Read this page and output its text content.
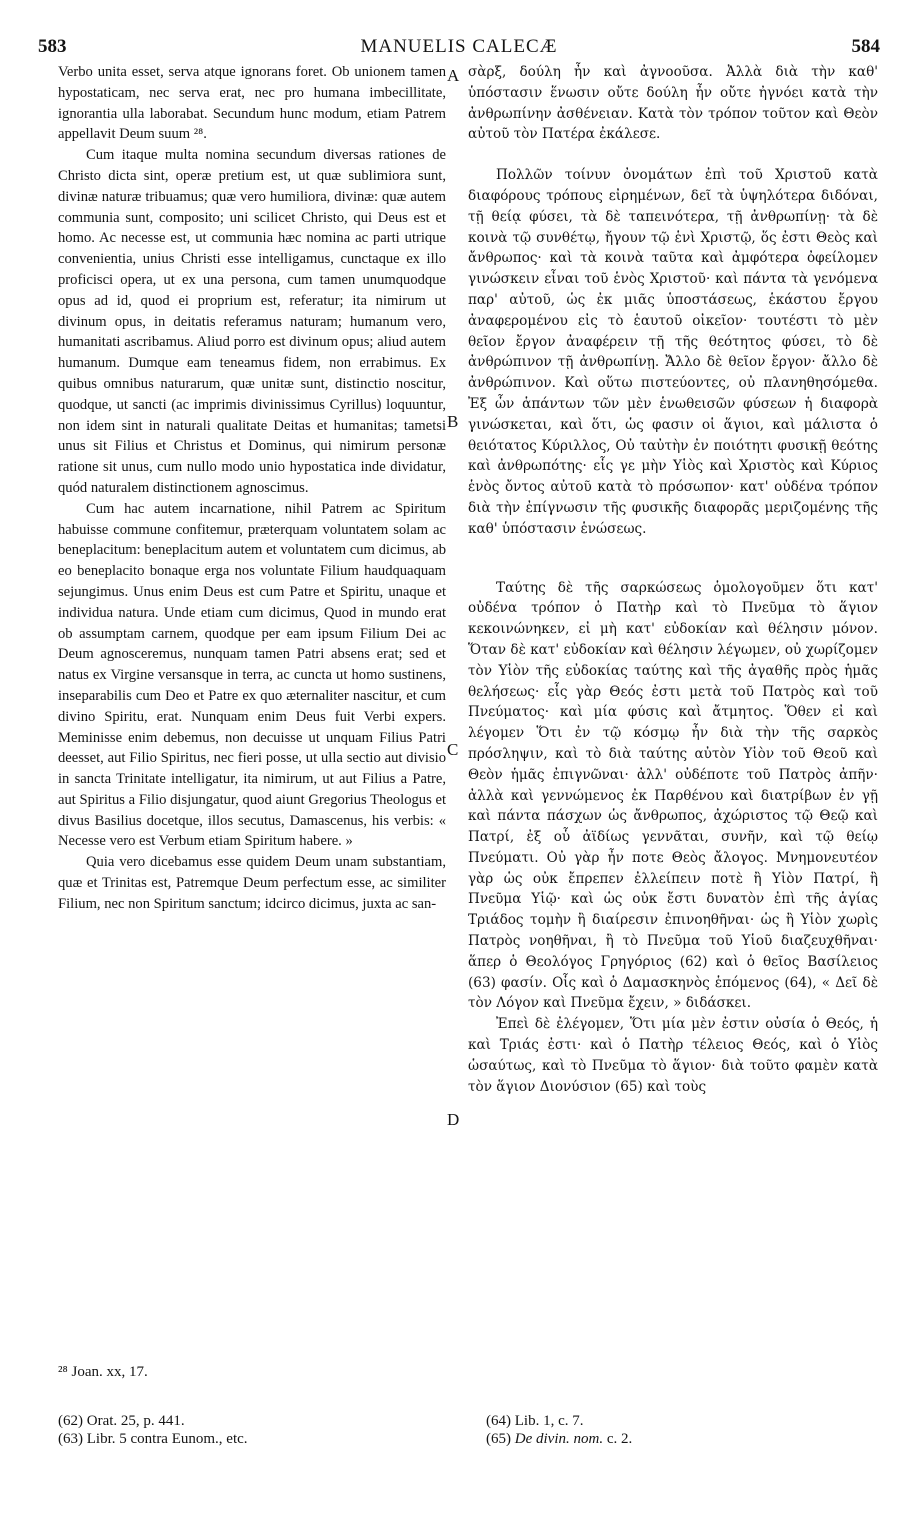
583	MANUELIS CALECÆ	584

Verbo unita esset, serva atque ignorans foret. Ob unionem tamen hypostaticam, nec serva erat, nec pro humana imbecillitate, ignorantia ulla laborabat. Secundum hunc modum, etiam Patrem appellavit Deum suum ²⁸.

Cum itaque multa nomina secundum diversas rationes de Christo dicta sint, operæ pretium est, ut quæ sublimiora sunt, divinæ naturæ tribuamus; quæ vero humiliora, divinæ: quæ autem communia sunt, composito; uni scilicet Christo, qui Deus est et homo. Ac necesse est, ut communia hæc nomina ac parti utrique convenientia, unius Christi esse intelligamus, cunctaque ex illo proficisci opera, ut ex una persona, cum tamen unumquodque opus ad id, quod ei proprium est, referatur; ita nimirum ut divinum opus, in deitatis referamus naturam; humanum vero, humanitati ascribamus. Aliud porro est divinum opus; aliud autem humanum. Dumque eam teneamus fidem, non errabimus. Ex quibus omnibus naturarum, quæ unitæ sunt, distinctio noscitur, quodque, ut sancti (ac imprimis divinissimus Cyrillus) loquuntur, non idem sint in naturali qualitate Deitas et humanitas; tametsi unus sit Filius et Christus et Dominus, qui nimirum personæ ratione sit unus, cum nullo modo unio hypostatica inde dividatur, quód naturalem distinctionem agnoscimus.

Cum hac autem incarnatione, nihil Patrem ac Spiritum habuisse commune confitemur, præterquam voluntatem solam ac beneplacitum: beneplacitum autem et voluntatem cum dicimus, ab eo beneplacito bonaque erga nos voluntate Filium haudquaquam sejungimus. Unus enim Deus est cum Patre et Spiritu, unaque et individua natura. Unde etiam cum dicimus, Quod in mundo erat ob assumptam carnem, quodque per eam ipsum Filium Dei ac Deum agnosceremus, nunquam tamen Patri absens erat; sed et natus ex Virgine versansque in terra, ac cuncta ut homo sustinens, inseparabilis cum Deo et Patre ex quo æternaliter nascitur, et cum divino Spiritu, erat. Nunquam enim Deus fuit Verbi expers. Meminisse enim debemus, non decuisse ut unquam Filius Patri deesset, aut Filio Spiritus, nec fieri posse, ut ulla sectio aut divisio in sancta Trinitate intelligatur, ita nimirum, ut aut Filius a Patre, aut Spiritus a Filio disjungatur, quod aiunt Gregorius Theologus et divus Basilius docetque, illos secutus, Damascenus, his verbis: « Necesse vero est Verbum etiam Spiritum habere. »

Quia vero dicebamus esse quidem Deum unam substantiam, quæ et Trinitas est, Patremque Deum perfectum esse, ac similiter Filium, nec non Spiritum sanctum; idcirco dicimus, juxta ac san-

σὰρξ, δούλη ἦν καὶ ἀγνοοῦσα. Ἀλλὰ διὰ τὴν καθ' ὑπόστασιν ἕνωσιν οὔτε δούλη ἦν οὔτε ἠγνόει κατὰ τὴν ἀνθρωπίνην ἀσθένειαν. Κατὰ τὸν τρόπον τοῦτον καὶ Θεὸν αὐτοῦ τὸν Πατέρα ἐκάλεσε.

Πολλῶν τοίνυν ὀνομάτων ἐπὶ τοῦ Χριστοῦ κατὰ διαφόρους τρόπους εἰρημένων, δεῖ τὰ ὑψηλότερα διδόναι, τῇ θείᾳ φύσει, τὰ δὲ ταπεινότερα, τῇ ἀνθρωπίνῃ· τὰ δὲ κοινὰ τῷ συνθέτῳ, ἤγουν τῷ ἑνὶ Χριστῷ, ὅς ἐστι Θεὸς καὶ ἄνθρωπος· καὶ τὰ κοινὰ ταῦτα καὶ ἀμφότερα ὀφείλομεν γινώσκειν εἶναι τοῦ ἑνὸς Χριστοῦ· καὶ πάντα τὰ γενόμενα παρ' αὐτοῦ, ὡς ἐκ μιᾶς ὑποστάσεως, ἑκάστου ἔργου ἀναφερομένου εἰς τὸ ἑαυτοῦ οἰκεῖον· τουτέστι τὸ μὲν θεῖον ἔργον ἀναφέρειν τῇ τῆς θεότητος φύσει, τὸ δὲ ἀνθρώπινον τῇ ἀνθρωπίνῃ. Ἄλλο δὲ θεῖον ἔργον· ἄλλο δὲ ἀνθρώπινον. Καὶ οὕτω πιστεύοντες, οὐ πλανηθησόμεθα. Ἐξ ὧν ἁπάντων τῶν μὲν ἑνωθεισῶν φύσεων ἡ διαφορὰ γινώσκεται, καὶ ὅτι, ὡς φασιν οἱ ἅγιοι, καὶ μάλιστα ὁ θειότατος Κύριλλος, Οὐ ταὐτὴν ἐν ποιότητι φυσικῇ θεότης καὶ ἀνθρωπότης· εἷς γε μὴν Υἱὸς καὶ Χριστὸς καὶ Κύριος ἑνὸς ὄντος αὐτοῦ κατὰ τὸ πρόσωπον· κατ' οὐδένα τρόπον διὰ τὴν ἐπίγνωσιν τῆς φυσικῆς διαφορᾶς μεριζομένης τῆς καθ' ὑπόστασιν ἑνώσεως.

Ταύτης δὲ τῆς σαρκώσεως ὁμολογοῦμεν ὅτι κατ' οὐδένα τρόπον ὁ Πατὴρ καὶ τὸ Πνεῦμα τὸ ἅγιον κεκοινώνηκεν, εἰ μὴ κατ' εὐδοκίαν καὶ θέλησιν μόνον. Ὅταν δὲ κατ' εὐδοκίαν καὶ θέλησιν λέγωμεν, οὐ χωρίζομεν τὸν Υἱὸν τῆς εὐδοκίας ταύτης καὶ τῆς ἀγαθῆς πρὸς ἡμᾶς θελήσεως· εἷς γὰρ Θεός ἐστι μετὰ τοῦ Πατρὸς καὶ τοῦ Πνεύματος· καὶ μία φύσις καὶ ἄτμητος. Ὅθεν εἰ καὶ λέγομεν Ὅτι ἐν τῷ κόσμῳ ἦν διὰ τὴν τῆς σαρκὸς πρόσληψιν, καὶ τὸ διὰ ταύτης αὐτὸν Υἱὸν τοῦ Θεοῦ καὶ Θεὸν ἡμᾶς ἐπιγνῶναι· ἀλλ' οὐδέποτε τοῦ Πατρὸς ἀπῆν· ἀλλὰ καὶ γεννώμενος ἐκ Παρθένου καὶ διατρίβων ἐν γῇ καὶ πάντα πάσχων ὡς ἄνθρωπος, ἀχώριστος τῷ Θεῷ καὶ Πατρί, ἐξ οὗ ἀϊδίως γεννᾶται, συνῆν, καὶ τῷ θείῳ Πνεύματι. Οὐ γὰρ ἦν ποτε Θεὸς ἄλογος. Μνημονευτέον γὰρ ὡς οὐκ ἔπρεπεν ἐλλείπειν ποτὲ ἢ Υἱὸν Πατρί, ἢ Πνεῦμα Υἱῷ· καὶ ὡς οὐκ ἔστι δυνατὸν ἐπὶ τῆς ἁγίας Τριάδος τομὴν ἢ διαίρεσιν ἐπινοηθῆναι· ὡς ἢ Υἱὸν χωρὶς Πατρὸς νοηθῆναι, ἢ τὸ Πνεῦμα τοῦ Υἱοῦ διαζευχθῆναι· ἅπερ ὁ Θεολόγος Γρηγόριος (62) καὶ ὁ θεῖος Βασίλειος (63) φασίν. Οἷς καὶ ὁ Δαμασκηνὸς ἑπόμενος (64), « Δεῖ δὲ τὸν Λόγον καὶ Πνεῦμα ἔχειν, » διδάσκει.

Ἐπεὶ δὲ ἐλέγομεν, Ὅτι μία μὲν ἐστιν οὐσία ὁ Θεός, ἡ καὶ Τριάς ἐστι· καὶ ὁ Πατὴρ τέλειος Θεός, καὶ ὁ Υἱὸς ὡσαύτως, καὶ τὸ Πνεῦμα τὸ ἅγιον· διὰ τοῦτο φαμὲν κατὰ τὸν ἅγιον Διονύσιον (65) καὶ τοὺς

A
B
C
D

²⁸ Joan. xx, 17.

(62) Orat. 25, p. 441.

(63) Libr. 5 contra Eunom., etc.

(64) Lib. 1, c. 7.

(65) De divin. nom. c. 2.
